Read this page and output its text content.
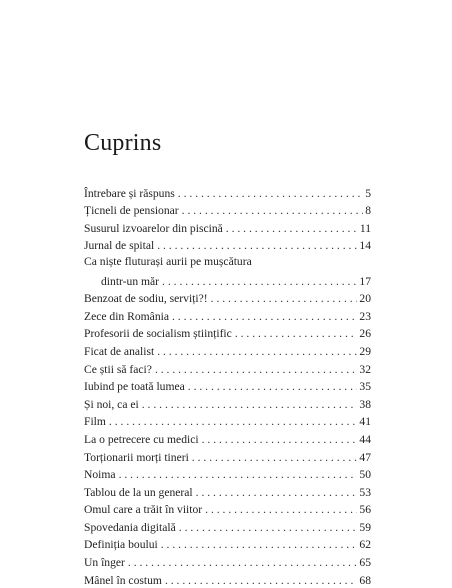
Cuprins
Întrebare și răspuns . . .	5
Țicneli de pensionar . . .	8
Susurul izvoarelor din piscină . . .	11
Jurnal de spital . . .	14
Ca niște fluturași aurii pe mușcătura
dintr-un măr . . .	17
Benzoat de sodiu, serviți?! . . .	20
Zece din România . . .	23
Profesorii de socialism științific . . .	26
Ficat de analist . . .	29
Ce știi să faci? . . .	32
Iubind pe toată lumea . . .	35
Și noi, ca ei . . .	38
Film . . .	41
La o petrecere cu medici . . .	44
Torționarii morți tineri . . .	47
Noima . . .	50
Tablou de la un general . . .	53
Omul care a trăit în viitor . . .	56
Spovedania digitală . . .	59
Definiția boului . . .	62
Un înger . . .	65
Mânel în costum . . .	68
